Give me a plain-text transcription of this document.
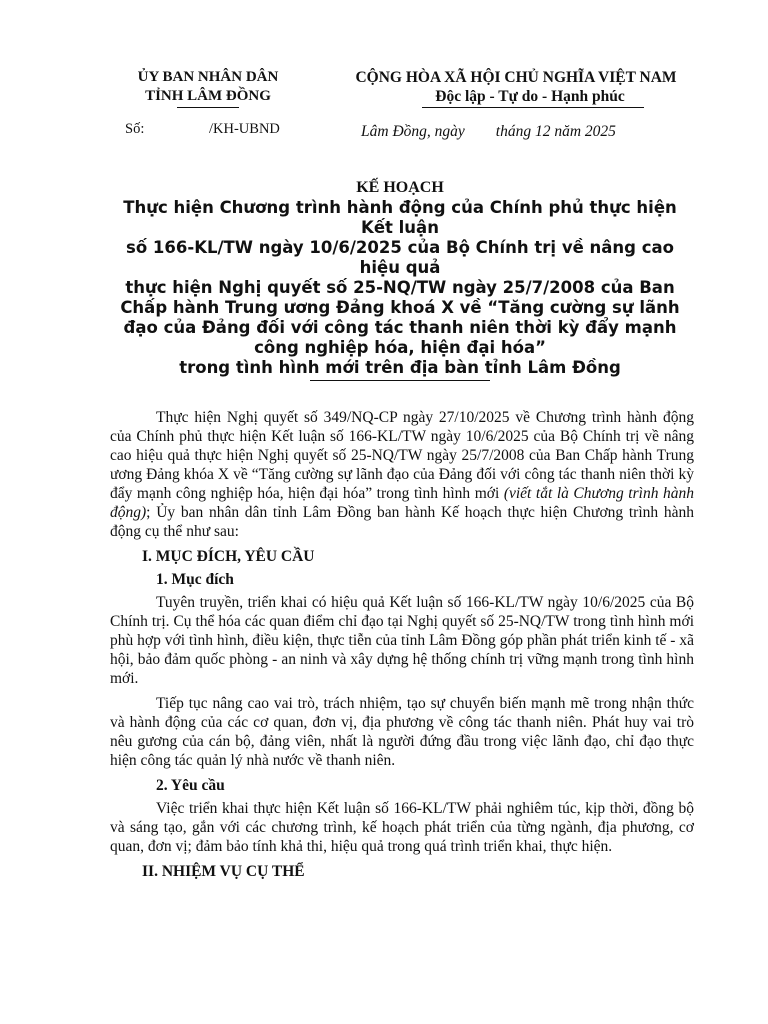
ỦY BAN NHÂN DÂN
TỈNH LÂM ĐỒNG
CỘNG HÒA XÃ HỘI CHỦ NGHĨA VIỆT NAM
Độc lập - Tự do - Hạnh phúc
Số:	/KH-UBND	Lâm Đồng, ngày        tháng 12 năm 2025
KẾ HOẠCH

Thực hiện Chương trình hành động của Chính phủ thực hiện Kết luận

số 166-KL/TW ngày 10/6/2025 của Bộ Chính trị về nâng cao hiệu quả

thực hiện Nghị quyết số 25-NQ/TW ngày 25/7/2008 của Ban Chấp hành Trung ương Đảng khoá X về “Tăng cường sự lãnh đạo của Đảng đối với công tác thanh niên thời kỳ đẩy mạnh công nghiệp hóa, hiện đại hóa”

trong tình hình mới trên địa bàn tỉnh Lâm Đồng

Thực hiện Nghị quyết số 349/NQ-CP ngày 27/10/2025 về Chương trình hành động của Chính phủ thực hiện Kết luận số 166-KL/TW ngày 10/6/2025 của Bộ Chính trị về nâng cao hiệu quả thực hiện Nghị quyết số 25-NQ/TW ngày 25/7/2008 của Ban Chấp hành Trung ương Đảng khóa X về “Tăng cường sự lãnh đạo của Đảng đối với công tác thanh niên thời kỳ đẩy mạnh công nghiệp hóa, hiện đại hóa” trong tình hình mới (viết tắt là Chương trình hành động); Ủy ban nhân dân tỉnh Lâm Đồng ban hành Kế hoạch thực hiện Chương trình hành động cụ thể như sau:

I. MỤC ĐÍCH, YÊU CẦU

1. Mục đích

Tuyên truyền, triển khai có hiệu quả Kết luận số 166-KL/TW ngày 10/6/2025 của Bộ Chính trị. Cụ thể hóa các quan điểm chỉ đạo tại Nghị quyết số 25-NQ/TW trong tình hình mới phù hợp với tình hình, điều kiện, thực tiễn của tỉnh Lâm Đồng góp phần phát triển kinh tế - xã hội, bảo đảm quốc phòng - an ninh và xây dựng hệ thống chính trị vững mạnh trong tình hình mới.

Tiếp tục nâng cao vai trò, trách nhiệm, tạo sự chuyển biến mạnh mẽ trong nhận thức và hành động của các cơ quan, đơn vị, địa phương về công tác thanh niên. Phát huy vai trò nêu gương của cán bộ, đảng viên, nhất là người đứng đầu trong việc lãnh đạo, chỉ đạo thực hiện công tác quản lý nhà nước về thanh niên.

2. Yêu cầu

Việc triển khai thực hiện Kết luận số 166-KL/TW phải nghiêm túc, kịp thời, đồng bộ và sáng tạo, gắn với các chương trình, kế hoạch phát triển của từng ngành, địa phương, cơ quan, đơn vị; đảm bảo tính khả thi, hiệu quả trong quá trình triển khai, thực hiện.

II. NHIỆM VỤ CỤ THỂ
